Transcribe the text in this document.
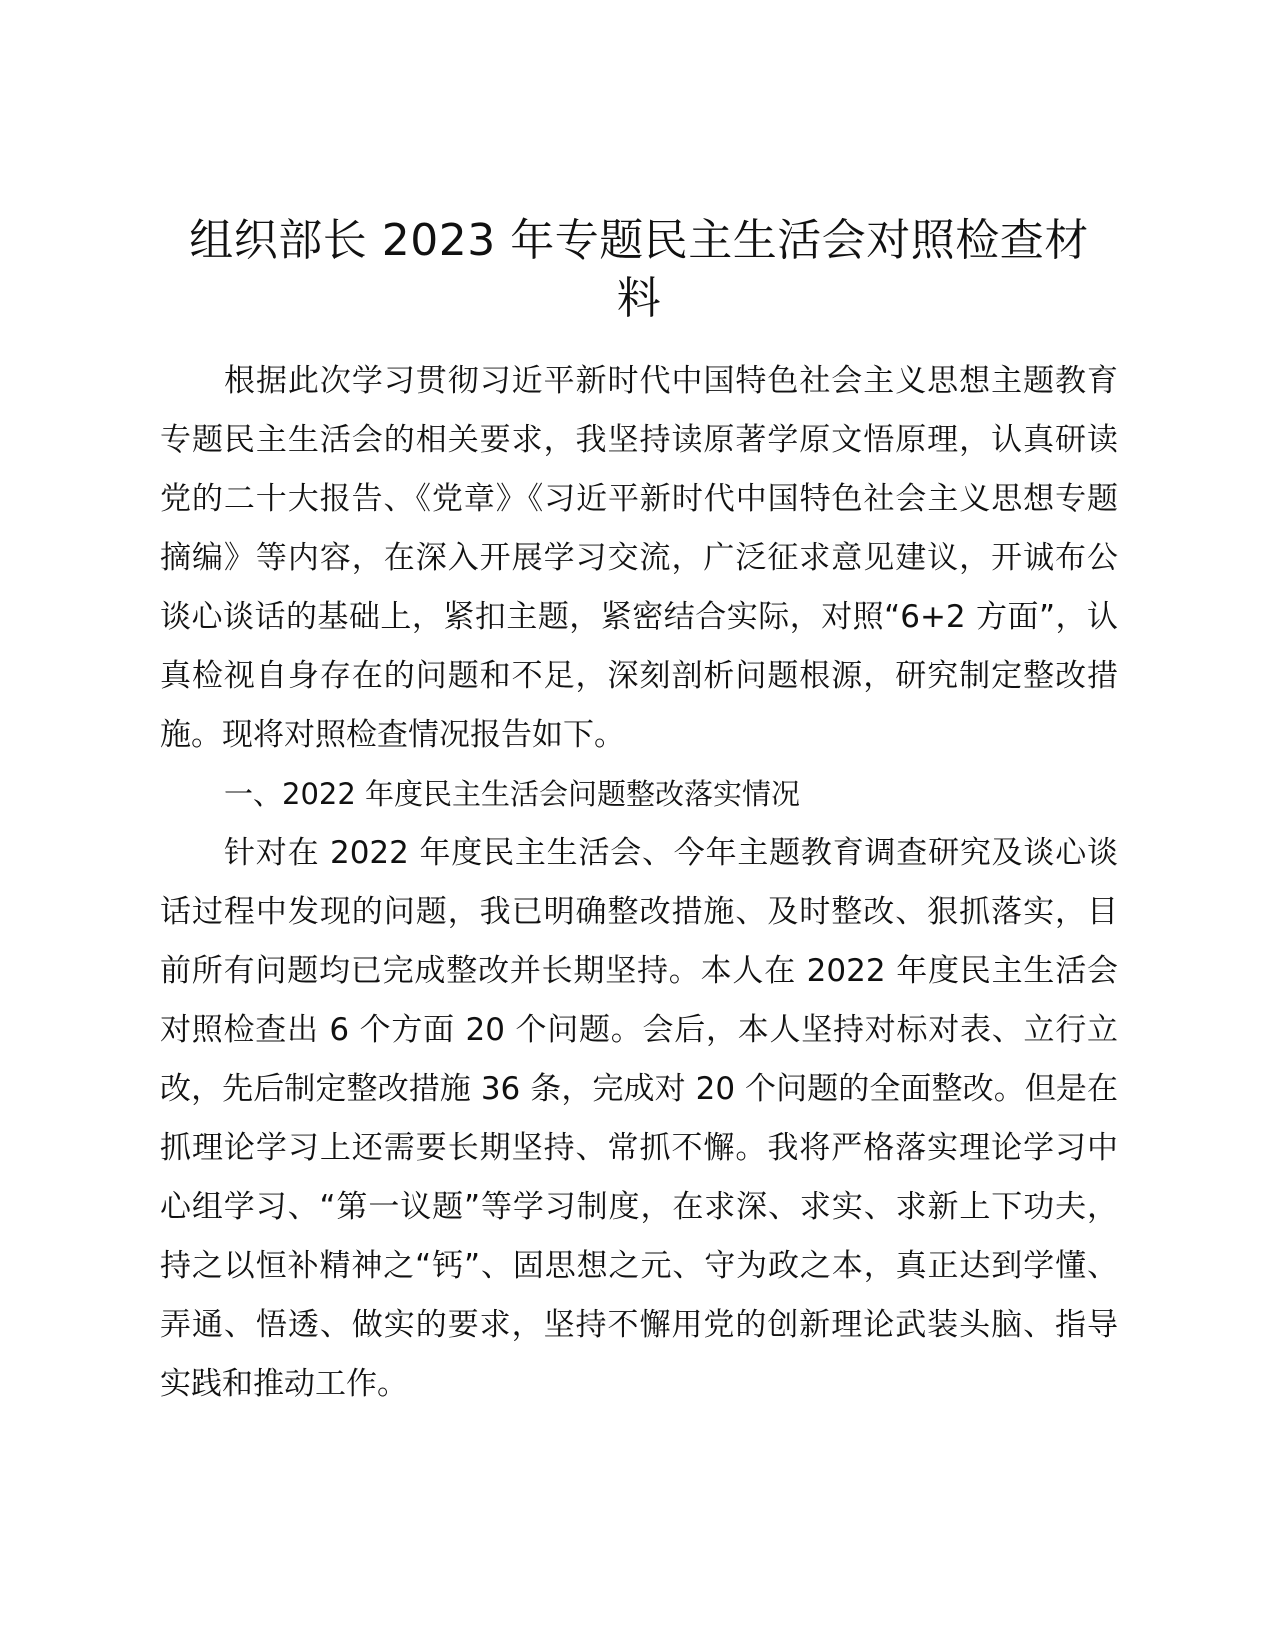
组织部长 2023 年专题民主生活会对照检查材
料

根据此次学习贯彻习近平新时代中国特色社会主义思想主题教育专题民主生活会的相关要求，我坚持读原著学原文悟原理，认真研读党的二十大报告、《党章》《习近平新时代中国特色社会主义思想专题摘编》等内容，在深入开展学习交流，广泛征求意见建议，开诚布公谈心谈话的基础上，紧扣主题，紧密结合实际，对照“6+2 方面”，认真检视自身存在的问题和不足，深刻剖析问题根源，研究制定整改措施。现将对照检查情况报告如下。

一、2022 年度民主生活会问题整改落实情况

针对在 2022 年度民主生活会、今年主题教育调查研究及谈心谈话过程中发现的问题，我已明确整改措施、及时整改、狠抓落实，目前所有问题均已完成整改并长期坚持。本人在 2022 年度民主生活会对照检查出 6 个方面 20 个问题。会后，本人坚持对标对表、立行立改，先后制定整改措施 36 条，完成对 20 个问题的全面整改。但是在抓理论学习上还需要长期坚持、常抓不懈。我将严格落实理论学习中心组学习、“第一议题”等学习制度，在求深、求实、求新上下功夫，持之以恒补精神之“钙”、固思想之元、守为政之本，真正达到学懂、弄通、悟透、做实的要求，坚持不懈用党的创新理论武装头脑、指导实践和推动工作。
